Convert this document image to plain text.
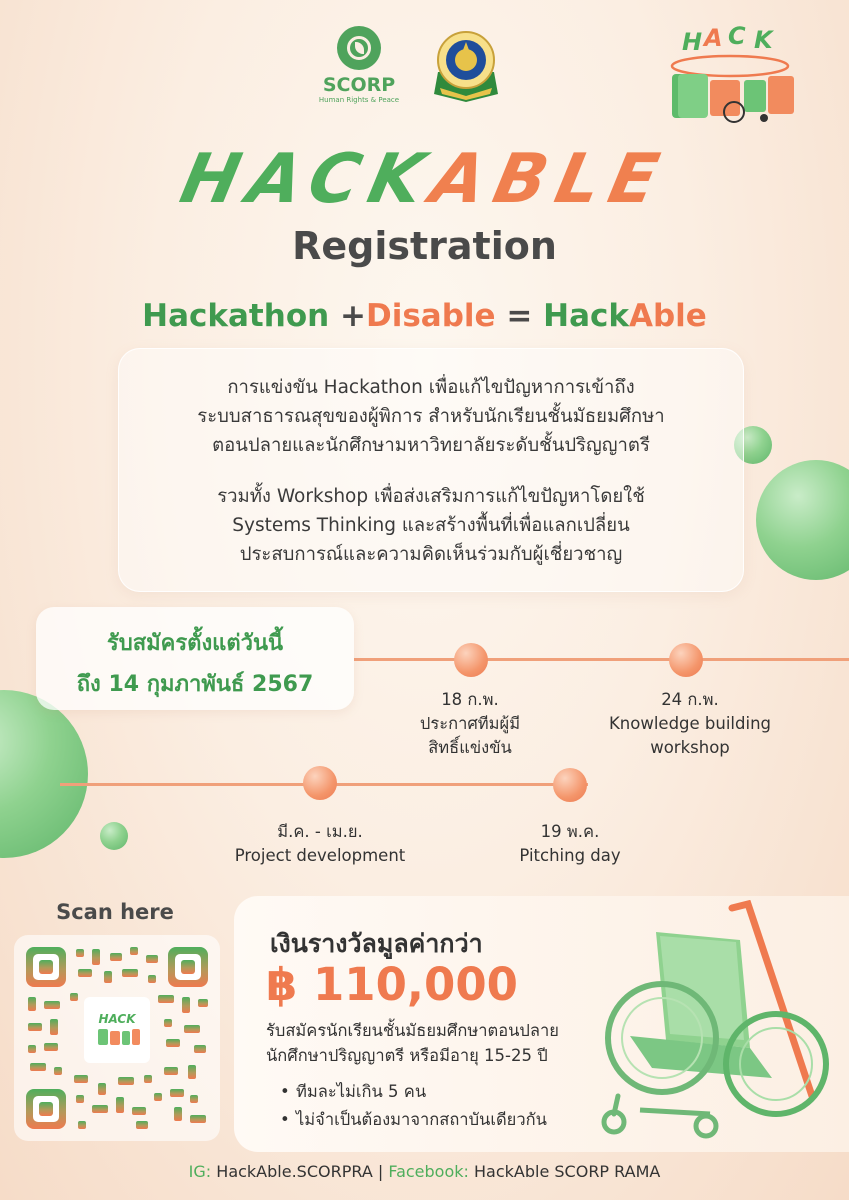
SCORP
Human Rights & Peace
H
A C K
HACKABLE
Registration
Hackathon +Disable = HackAble
การแข่งขัน Hackathon เพื่อแก้ไขปัญหาการเข้าถึง
ระบบสาธารณสุขของผู้พิการ สำหรับนักเรียนชั้นมัธยมศึกษา
ตอนปลายและนักศึกษามหาวิทยาลัยระดับชั้นปริญญาตรี
รวมทั้ง Workshop เพื่อส่งเสริมการแก้ไขปัญหาโดยใช้
Systems Thinking และสร้างพื้นที่เพื่อแลกเปลี่ยน
ประสบการณ์และความคิดเห็นร่วมกับผู้เชี่ยวชาญ
รับสมัครตั้งแต่วันนี้
ถึง 14 กุมภาพันธ์ 2567
18 ก.พ.
ประกาศทีมผู้มี
สิทธิ์แข่งขัน
24 ก.พ.
Knowledge building
workshop
มี.ค. - เม.ย.
Project development
19 พ.ค.
Pitching day
Scan here
HACK
เงินรางวัลมูลค่ากว่า
฿ 110,000
รับสมัครนักเรียนชั้นมัธยมศึกษาตอนปลาย
นักศึกษาปริญญาตรี หรือมีอายุ 15-25 ปี
• ทีมละไม่เกิน 5 คน
• ไม่จำเป็นต้องมาจากสถาบันเดียวกัน
IG: HackAble.SCORPRA | Facebook: HackAble SCORP RAMA
